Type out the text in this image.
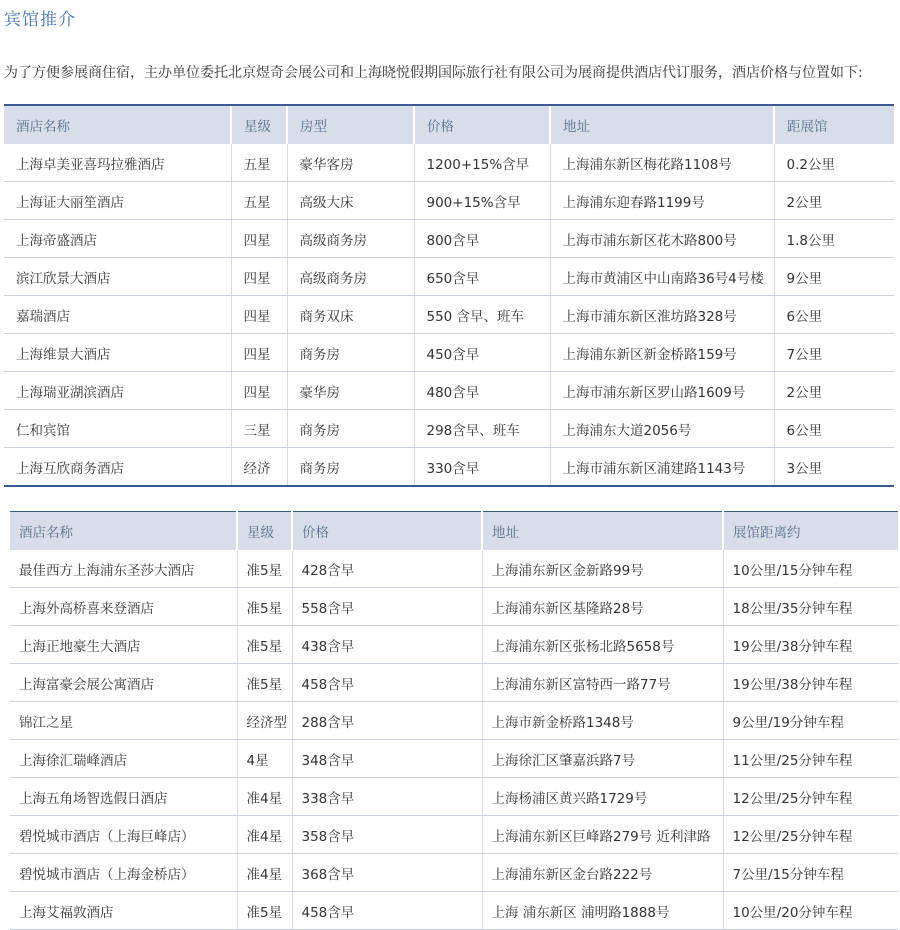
宾馆推介
为了方便参展商住宿，主办单位委托北京煜奇会展公司和上海晓悦假期国际旅行社有限公司为展商提供酒店代订服务，酒店价格与位置如下:
酒店名称	星级	房型	价格	地址	距展馆
上海卓美亚喜玛拉雅酒店	五星	豪华客房	1200+15%含早	上海浦东新区梅花路1108号	0.2公里
上海证大丽笙酒店	五星	高级大床	900+15%含早	上海浦东迎春路1199号	2公里
上海帝盛酒店	四星	高级商务房	800含早	上海市浦东新区花木路800号	1.8公里
滨江欣景大酒店	四星	高级商务房	650含早	上海市黄浦区中山南路36号4号楼	9公里
嘉瑞酒店	四星	商务双床	550 含早、班车	上海市浦东新区淮坊路328号	6公里
上海维景大酒店	四星	商务房	450含早	上海浦东新区新金桥路159号	7公里
上海瑞亚湖滨酒店	四星	豪华房	480含早	上海市浦东新区罗山路1609号	2公里
仁和宾馆	三星	商务房	298含早、班车	上海浦东大道2056号	6公里
上海互欣商务酒店	经济	商务房	330含早	上海市浦东新区浦建路1143号	3公里
酒店名称	星级	价格	地址	展馆距离约
最佳西方上海浦东圣莎大酒店	准5星	428含早	上海浦东新区金新路99号	10公里/15分钟车程
上海外高桥喜来登酒店	准5星	558含早	上海浦东新区基隆路28号	18公里/35分钟车程
上海正地豪生大酒店	准5星	438含早	上海浦东新区张杨北路5658号	19公里/38分钟车程
上海富豪会展公寓酒店	准5星	458含早	上海浦东新区富特西一路77号	19公里/38分钟车程
锦江之星	经济型	288含早	上海市新金桥路1348号	9公里/19分钟车程
上海徐汇瑞峰酒店	4星	348含早	上海徐汇区肇嘉浜路7号	11公里/25分钟车程
上海五角场智选假日酒店	准4星	338含早	上海杨浦区黄兴路1729号	12公里/25分钟车程
碧悦城市酒店（上海巨峰店）	准4星	358含早	上海浦东新区巨峰路279号 近利津路	12公里/25分钟车程
碧悦城市酒店（上海金桥店）	准4星	368含早	上海浦东新区金台路222号	7公里/15分钟车程
上海艾福敦酒店	准5星	458含早	上海 浦东新区 浦明路1888号	10公里/20分钟车程
